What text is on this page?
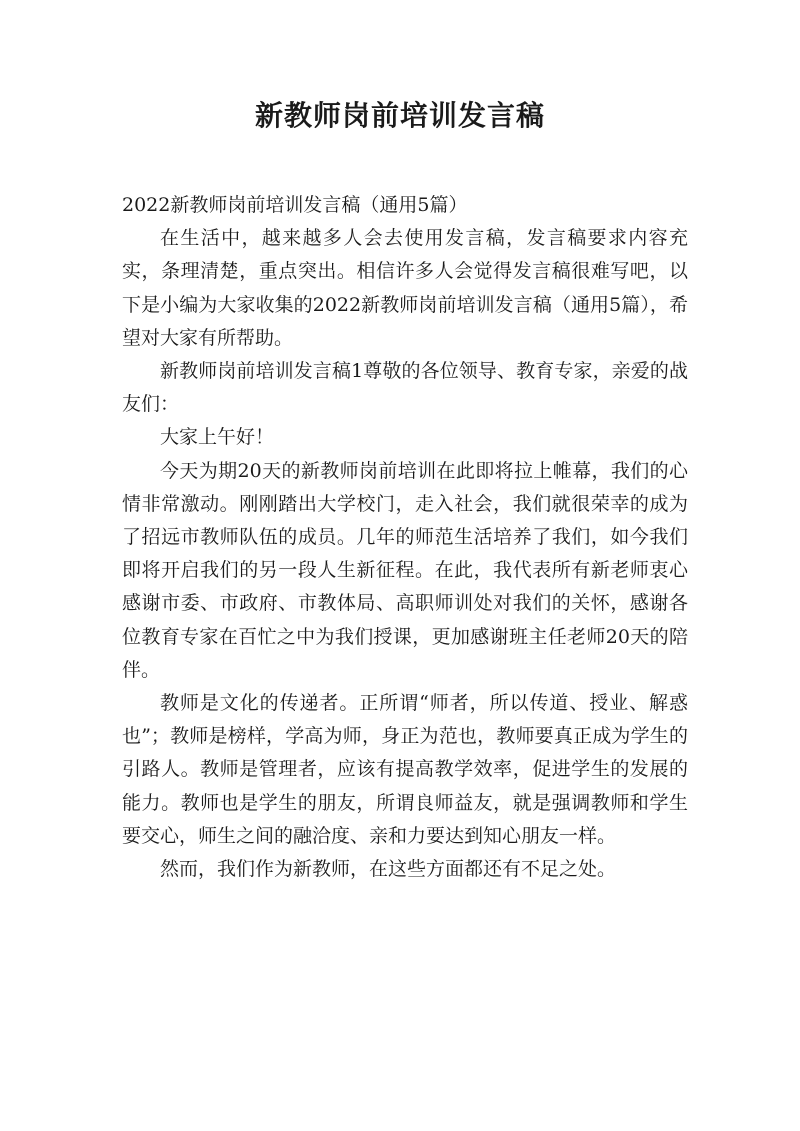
新教师岗前培训发言稿

2022新教师岗前培训发言稿（通用5篇）

在生活中，越来越多人会去使用发言稿，发言稿要求内容充实，条理清楚，重点突出。相信许多人会觉得发言稿很难写吧，以下是小编为大家收集的2022新教师岗前培训发言稿（通用5篇），希望对大家有所帮助。

新教师岗前培训发言稿1尊敬的各位领导、教育专家，亲爱的战友们：

大家上午好！

今天为期20天的新教师岗前培训在此即将拉上帷幕，我们的心情非常激动。刚刚踏出大学校门，走入社会，我们就很荣幸的成为了招远市教师队伍的成员。几年的师范生活培养了我们，如今我们即将开启我们的另一段人生新征程。在此，我代表所有新老师衷心感谢市委、市政府、市教体局、高职师训处对我们的关怀，感谢各位教育专家在百忙之中为我们授课，更加感谢班主任老师20天的陪伴。

教师是文化的传递者。正所谓“师者，所以传道、授业、解惑也”；教师是榜样，学高为师，身正为范也，教师要真正成为学生的引路人。教师是管理者，应该有提高教学效率，促进学生的发展的能力。教师也是学生的朋友，所谓良师益友，就是强调教师和学生要交心，师生之间的融洽度、亲和力要达到知心朋友一样。

然而，我们作为新教师，在这些方面都还有不足之处。
